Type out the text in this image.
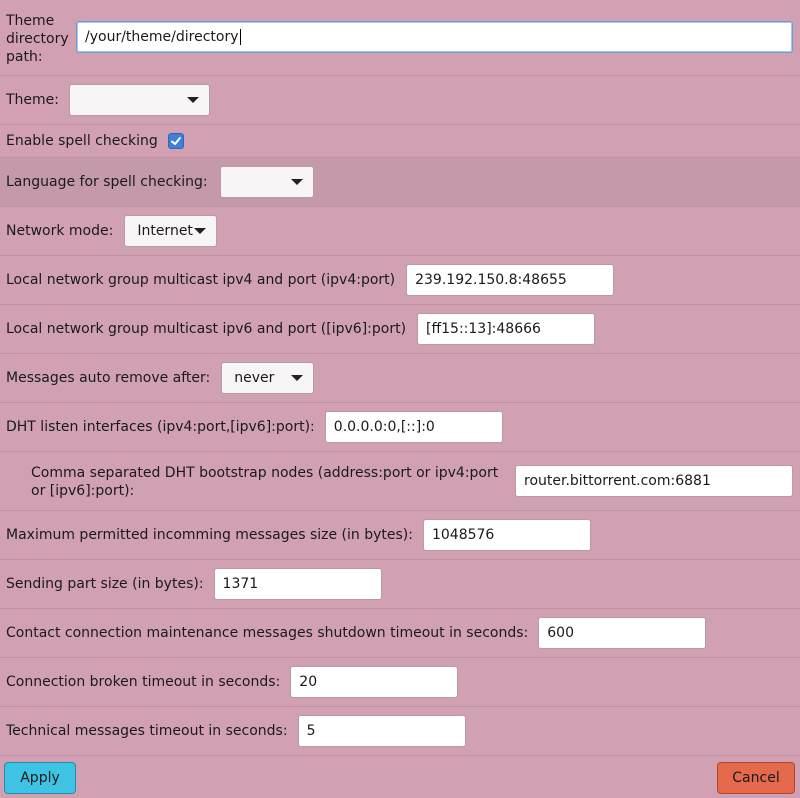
Theme directory path:
/your/theme/directory
Theme:
Enable spell checking
Language for spell checking:
Network mode: Internet
Local network group multicast ipv4 and port (ipv4:port)	239.192.150.8:48655
Local network group multicast ipv6 and port ([ipv6]:port)	[ff15::13]:48666
Messages auto remove after: never
DHT listen interfaces (ipv4:port,[ipv6]:port):	0.0.0.0:0,[::]:0
Comma separated DHT bootstrap nodes (address:port or ipv4:port or [ipv6]:port):
router.bittorrent.com:6881
Maximum permitted incomming messages size (in bytes):	1048576
Sending part size (in bytes):	1371
Contact connection maintenance messages shutdown timeout in seconds:	600
Connection broken timeout in seconds:	20
Technical messages timeout in seconds:	5
Apply	Cancel
